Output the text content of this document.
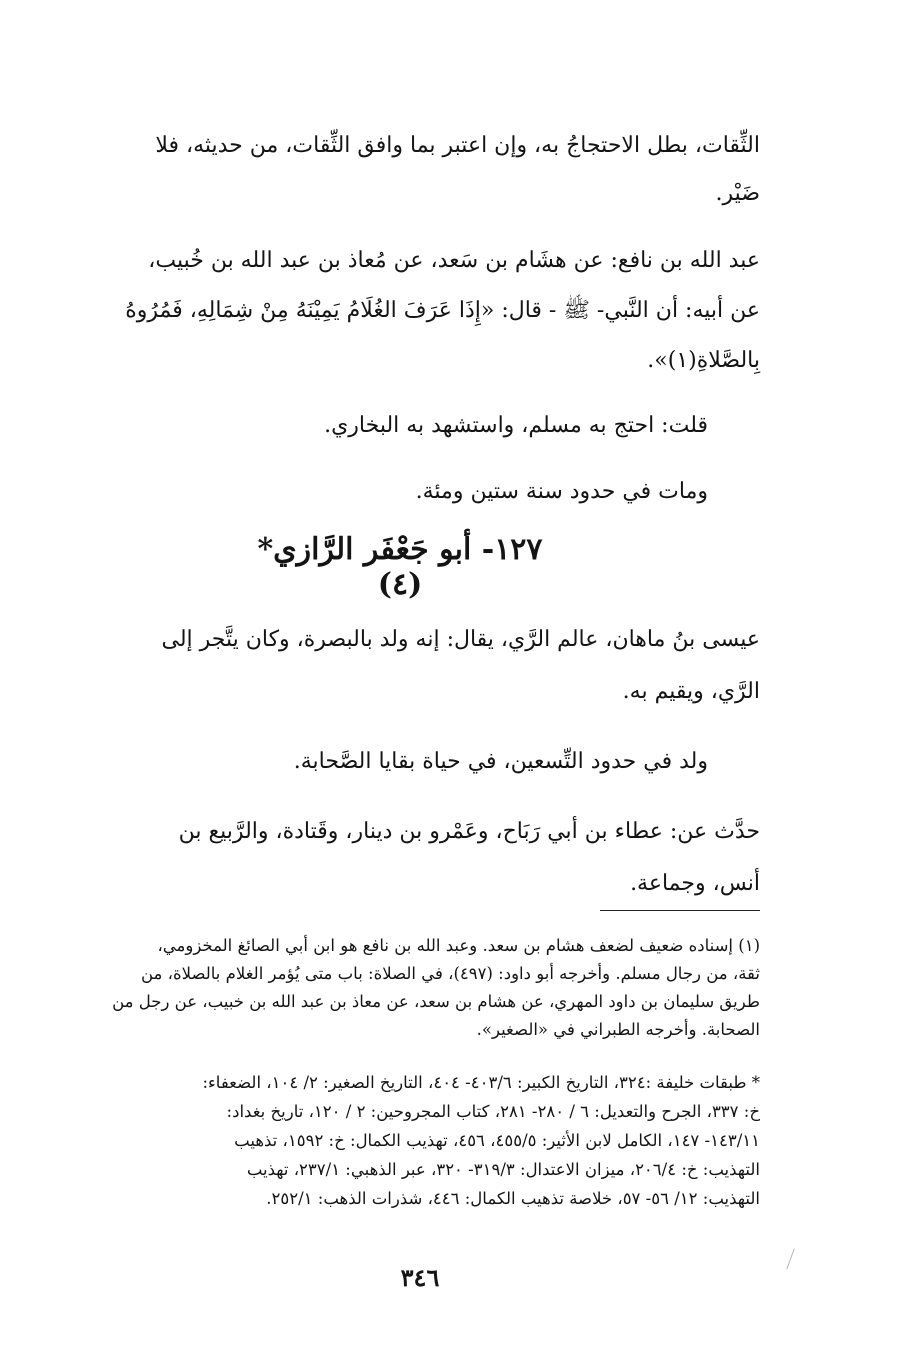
الثِّقات، بطل الاحتجاجُ به، وإن اعتبر بما وافق الثِّقات، من حديثه، فلا
ضَيْر.
عبد الله بن نافع: عن هشَام بن سَعد، عن مُعاذ بن عبد الله بن خُبيب،
عن أبيه: أن النَّبي- ﷺ - قال: «إِذَا عَرَفَ الغُلَامُ يَمِيْنَهُ مِنْ شِمَالِهِ، فَمُرُوهُ
بِالصَّلاةِ(١)».
قلت: احتج به مسلم، واستشهد به البخاري.
ومات في حدود سنة ستين ومئة.
١٢٧- أبو جَعْفَر الرَّازي* (٤)
عيسى بنُ ماهان، عالم الرَّي، يقال: إنه ولد بالبصرة، وكان يتَّجر إلى
الرَّي، ويقيم به.
ولد في حدود التِّسعين، في حياة بقايا الصَّحابة.
حدَّث عن: عطاء بن أبي رَبَاح، وعَمْرو بن دينار، وقَتادة، والرَّبيع بن
أنس، وجماعة.
(١) إسناده ضعيف لضعف هشام بن سعد. وعبد الله بن نافع هو ابن أبي الصائغ المخزومي،
ثقة، من رجال مسلم. وأخرجه أبو داود: (٤٩٧)، في الصلاة: باب متى يُؤمر الغلام بالصلاة، من
طريق سليمان بن داود المهري، عن هشام بن سعد، عن معاذ بن عبد الله بن خبيب، عن رجل من
الصحابة. وأخرجه الطبراني في «الصغير».
* طبقات خليفة :٣٢٤، التاريخ الكبير: ٤٠٣/٦- ٤٠٤، التاريخ الصغير: ٢/ ١٠٤، الضعفاء:
خ: ٣٣٧، الجرح والتعديل: ٦ / ٢٨٠- ٢٨١، كتاب المجروحين: ٢ / ١٢٠، تاريخ بغداد:
١٤٣/١١- ١٤٧، الكامل لابن الأثير: ٤٥٥/٥، ٤٥٦، تهذيب الكمال: خ: ١٥٩٢، تذهيب
التهذيب: خ: ٢٠٦/٤، ميزان الاعتدال: ٣١٩/٣- ٣٢٠، عبر الذهبي: ٢٣٧/١، تهذيب
التهذيب: ١٢/ ٥٦- ٥٧، خلاصة تذهيب الكمال: ٤٤٦، شذرات الذهب: ٢٥٢/١.
٣٤٦
